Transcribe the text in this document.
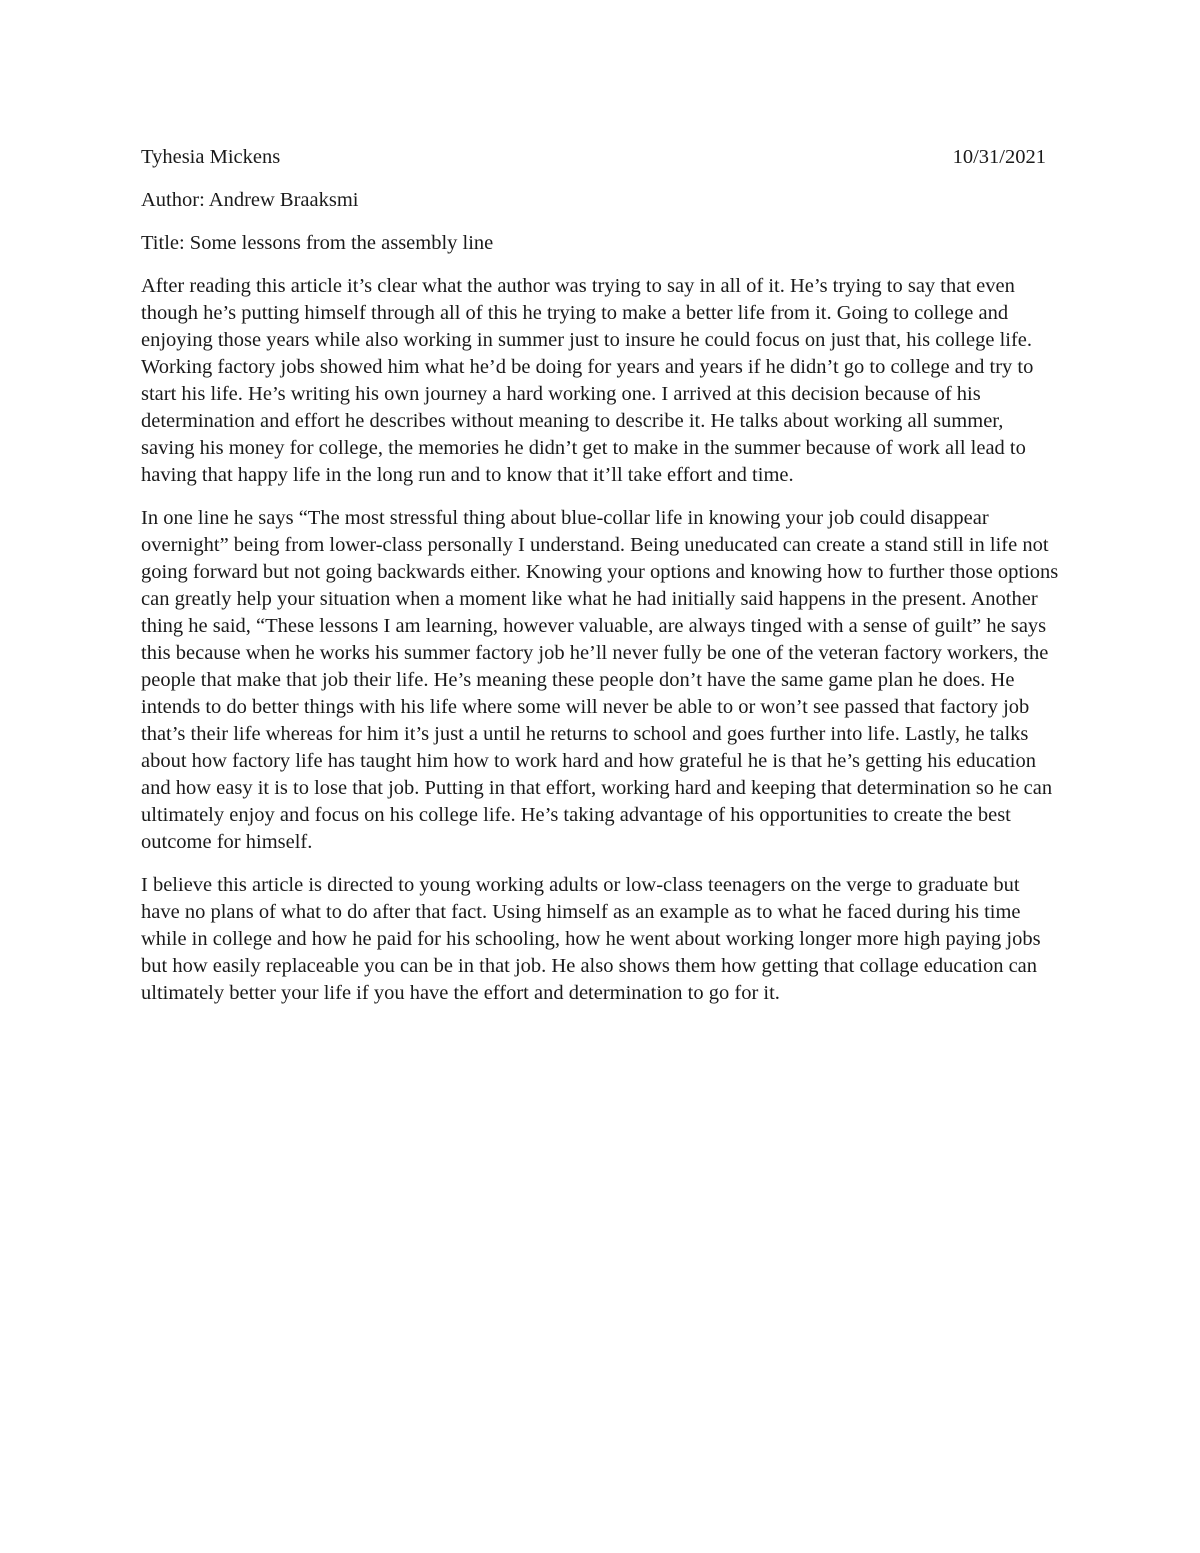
Tyhesia Mickens	10/31/2021
Author: Andrew Braaksmi
Title: Some lessons from the assembly line

After reading this article it’s clear what the author was trying to say in all of it. He’s trying to say that even though he’s putting himself through all of this he trying to make a better life from it. Going to college and enjoying those years while also working in summer just to insure he could focus on just that, his college life. Working factory jobs showed him what he’d be doing for years and years if he didn’t go to college and try to start his life. He’s writing his own journey a hard working one. I arrived at this decision because of his determination and effort he describes without meaning to describe it. He talks about working all summer, saving his money for college, the memories he didn’t get to make in the summer because of work all lead to having that happy life in the long run and to know that it’ll take effort and time.

In one line he says “The most stressful thing about blue-collar life in knowing your job could disappear overnight” being from lower-class personally I understand. Being uneducated can create a stand still in life not going forward but not going backwards either. Knowing your options and knowing how to further those options can greatly help your situation when a moment like what he had initially said happens in the present. Another thing he said, “These lessons I am learning, however valuable, are always tinged with a sense of guilt” he says this because when he works his summer factory job he’ll never fully be one of the veteran factory workers, the people that make that job their life. He’s meaning these people don’t have the same game plan he does. He intends to do better things with his life where some will never be able to or won’t see passed that factory job that’s their life whereas for him it’s just a until he returns to school and goes further into life. Lastly, he talks about how factory life has taught him how to work hard and how grateful he is that he’s getting his education and how easy it is to lose that job. Putting in that effort, working hard and keeping that determination so he can ultimately enjoy and focus on his college life. He’s taking advantage of his opportunities to create the best outcome for himself.

I believe this article is directed to young working adults or low-class teenagers on the verge to graduate but have no plans of what to do after that fact. Using himself as an example as to what he faced during his time while in college and how he paid for his schooling, how he went about working longer more high paying jobs but how easily replaceable you can be in that job. He also shows them how getting that collage education can ultimately better your life if you have the effort and determination to go for it.
